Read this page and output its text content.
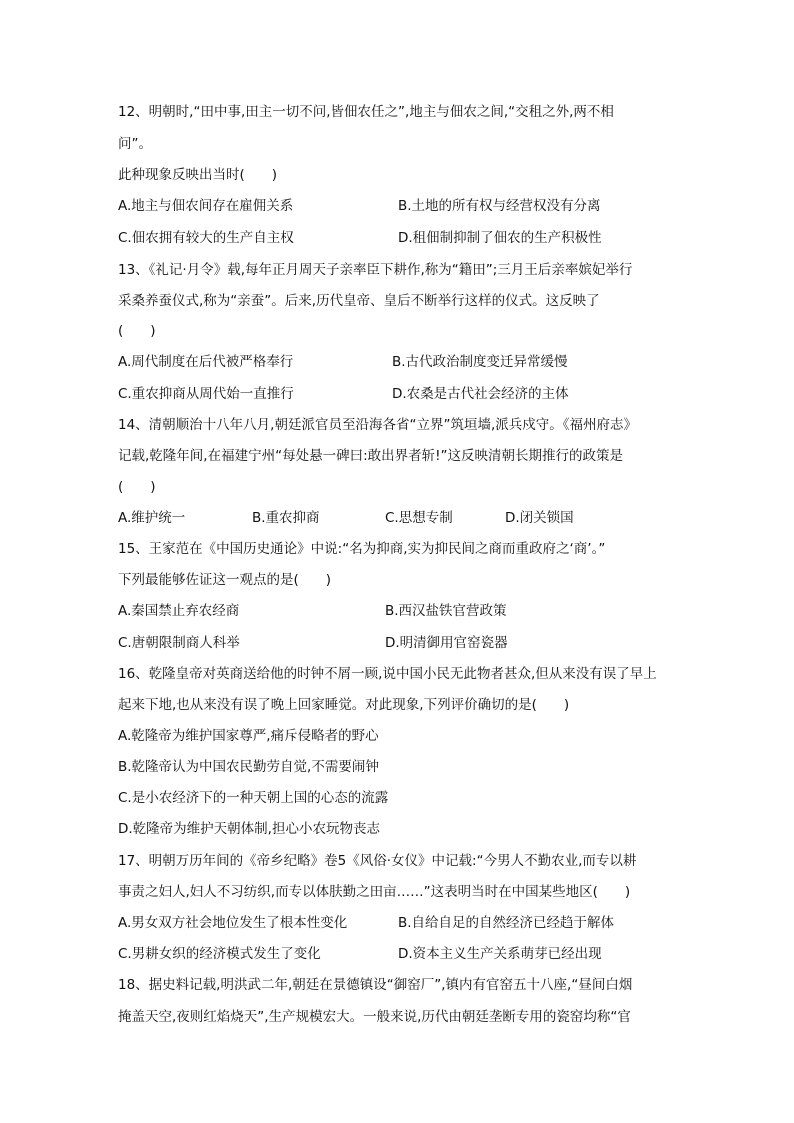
12、明朝时,“田中事,田主一切不问,皆佃农任之”,地主与佃农之间,“交租之外,两不相
问”。
此种现象反映出当时(　　)
A.地主与佃农间存在雇佣关系	B.土地的所有权与经营权没有分离
C.佃农拥有较大的生产自主权	D.租佃制抑制了佃农的生产积极性
13、《礼记·月令》载,每年正月周天子亲率臣下耕作,称为“籍田”;三月王后亲率嫔妃举行
采桑养蚕仪式,称为“亲蚕”。后来,历代皇帝、皇后不断举行这样的仪式。这反映了
(　　)
A.周代制度在后代被严格奉行	B.古代政治制度变迁异常缓慢
C.重农抑商从周代始一直推行	D.农桑是古代社会经济的主体
14、清朝顺治十八年八月,朝廷派官员至沿海各省“立界”筑垣墙,派兵戍守。《福州府志》
记载,乾隆年间,在福建宁州“每处悬一碑曰:敢出界者斩!”这反映清朝长期推行的政策是
(　　)
A.维护统一	B.重农抑商	C.思想专制	D.闭关锁国
15、王家范在《中国历史通论》中说:“名为抑商,实为抑民间之商而重政府之‘商’。”
下列最能够佐证这一观点的是(　　)
A.秦国禁止弃农经商	B.西汉盐铁官营政策
C.唐朝限制商人科举	D.明清御用官窑瓷器
16、乾隆皇帝对英商送给他的时钟不屑一顾,说中国小民无此物者甚众,但从来没有误了早上
起来下地,也从来没有误了晚上回家睡觉。对此现象,下列评价确切的是(　　)
A.乾隆帝为维护国家尊严,痛斥侵略者的野心
B.乾隆帝认为中国农民勤劳自觉,不需要闹钟
C.是小农经济下的一种天朝上国的心态的流露
D.乾隆帝为维护天朝体制,担心小农玩物丧志
17、明朝万历年间的《帝乡纪略》卷5《风俗·女仪》中记载:“今男人不勤农业,而专以耕
事责之妇人,妇人不习纺织,而专以体肤勤之田亩……”这表明当时在中国某些地区(　　)
A.男女双方社会地位发生了根本性变化	B.自给自足的自然经济已经趋于解体
C.男耕女织的经济模式发生了变化	D.资本主义生产关系萌芽已经出现
18、据史料记载,明洪武二年,朝廷在景德镇设“御窑厂”,镇内有官窑五十八座,“昼间白烟
掩盖天空,夜则红焰烧天”,生产规模宏大。一般来说,历代由朝廷垄断专用的瓷窑均称“官
